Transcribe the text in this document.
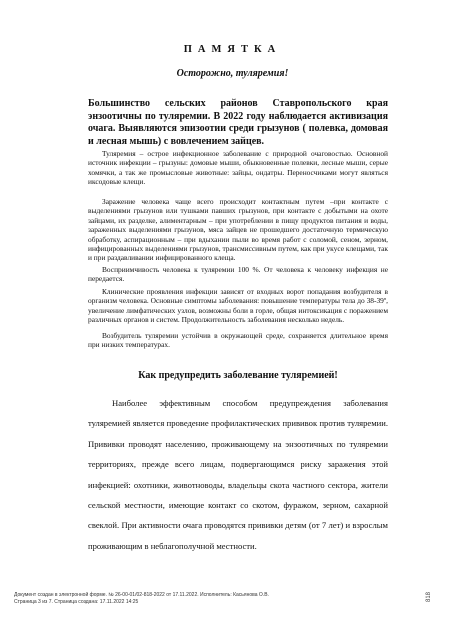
ПАМЯТКА
Осторожно, туляремия!
Большинство сельских районов Ставропольского края энзоотичны по туляремии. В 2022 году наблюдается активизация очага. Выявляются эпизоотии среди грызунов ( полевка, домовая и лесная мышь) с вовлечением зайцев.

Туляремия – острое инфекционное заболевание с природной очаговостью. Основной источник инфекции – грызуны: домовые мыши, обыкновенные полевки, лесные мыши, серые хомячки, а так же промысловые животные: зайцы, ондатры. Переносчиками могут являться иксодовые клещи.

Заражение человека чаще всего происходит контактным путем –при контакте с выделениями грызунов или тушками павших грызунов, при контакте с добытыми на охоте зайцами, их разделке, алиментарным – при употреблении в пищу продуктов питания и воды, зараженных выделениями грызунов, мяса зайцев не прошедшего достаточную термическую обработку, аспирационным – при вдыхании пыли во время работ с соломой, сеном, зерном, инфицированных выделениями грызунов, трансмиссивным путем, как при укусе клещами, так и при раздавливании инфицированного клеща.

Восприимчивость человека к туляремии 100 %. От человека к человеку инфекция не передается.

Клинические проявления инфекции зависят от входных ворот попадания возбудителя в организм человека. Основные симптомы заболевания: повышение температуры тела до 38-39º, увеличение лимфатических узлов, возможны боли в горле, общая интоксикация с поражением различных органов и систем. Продолжительность заболевания несколько недель.

Возбудитель туляремии устойчив в окружающей среде, сохраняется длительное время при низких температурах.

Как предупредить заболевание туляремией!

Наиболее эффективным способом предупреждения заболевания туляремией является проведение профилактических прививок против туляремии. Прививки проводят населению, проживающему на энзоотичных по туляремии территориях, прежде всего лицам, подвергающимся риску заражения этой инфекцией: охотники, животноводы, владельцы скота частного сектора, жители сельской местности, имеющие контакт со скотом, фуражом, зерном, сахарной свеклой. При активности очага проводятся прививки детям (от 7 лет) и взрослым проживающим в неблагополучной местности.

Документ создан в электронной форме. № 26-00-01/02-818-2022 от 17.11.2022. Исполнитель: Касьянова О.В.
Страница 3 из 7. Страница создана: 17.11.2022 14:25	818
